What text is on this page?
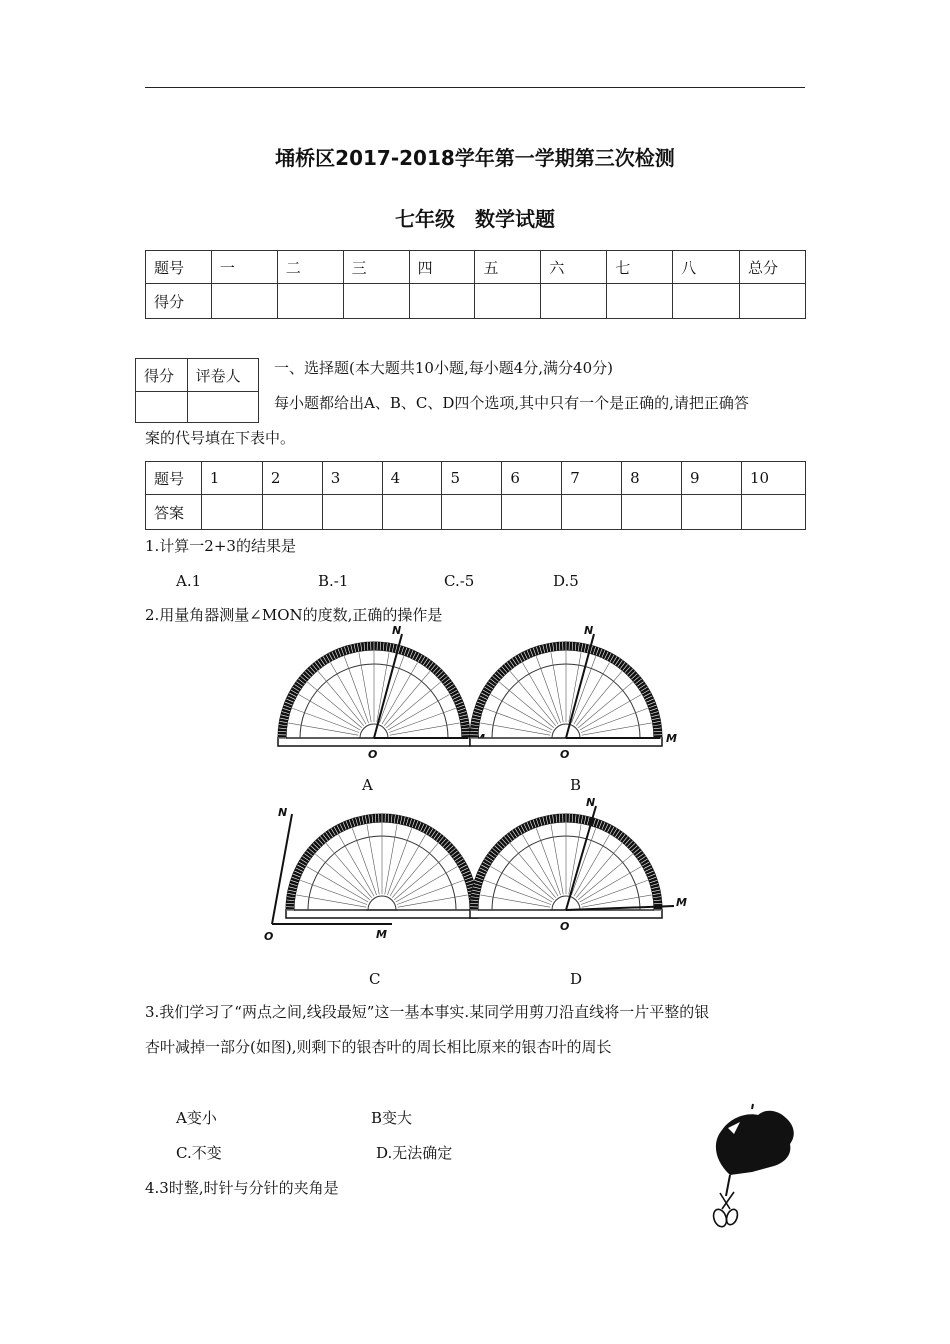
埇桥区2017-2018学年第一学期第三次检测
七年级　数学试题
题号	一	二	三	四	五	六	七	八	总分
得分									
得分	评卷人
	一、选择题(本大题共10小题,每小题4分,满分40分)
每小题都给出A、B、C、D四个选项,其中只有一个是正确的,请把正确答
案的代号填在下表中。
题号	1	2	3	4	5	6	7	8	9	10
答案										
1.计算一2+3的结果是
A.1	B.-1	C.-5	D.5
2.用量角器测量∠MON的度数,正确的操作是
O
N
O
N
M
O
N
M
O
N
M
A	B
C	D
3.我们学习了“两点之间,线段最短”这一基本事实.某同学用剪刀沿直线将一片平整的银
杏叶减掉一部分(如图),则剩下的银杏叶的周长相比原来的银杏叶的周长
A变小	B变大
C.不变	D.无法确定
4.3时整,时针与分针的夹角是
